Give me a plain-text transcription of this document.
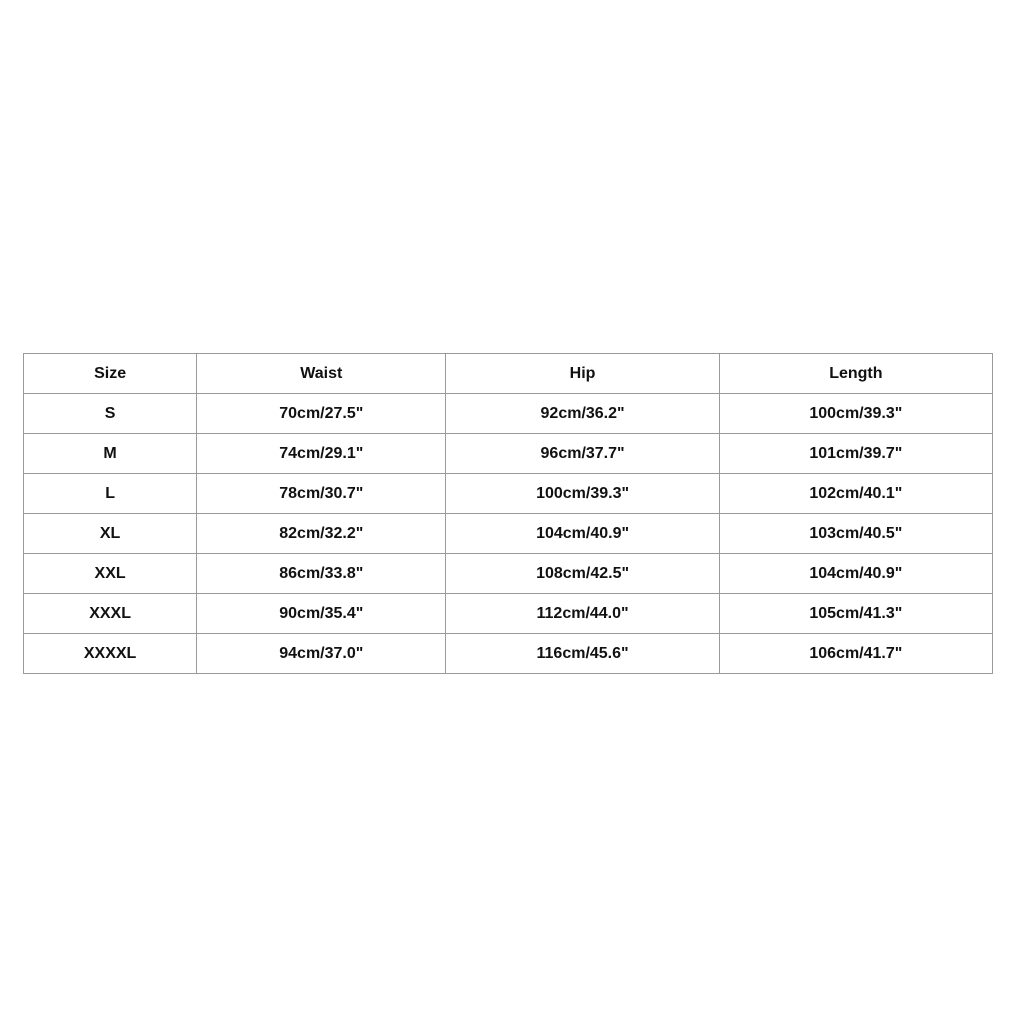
Size	Waist	Hip	Length
S	70cm/27.5"	92cm/36.2"	100cm/39.3"
M	74cm/29.1"	96cm/37.7"	101cm/39.7"
L	78cm/30.7"	100cm/39.3"	102cm/40.1"
XL	82cm/32.2"	104cm/40.9"	103cm/40.5"
XXL	86cm/33.8"	108cm/42.5"	104cm/40.9"
XXXL	90cm/35.4"	112cm/44.0"	105cm/41.3"
XXXXL	94cm/37.0"	116cm/45.6"	106cm/41.7"
